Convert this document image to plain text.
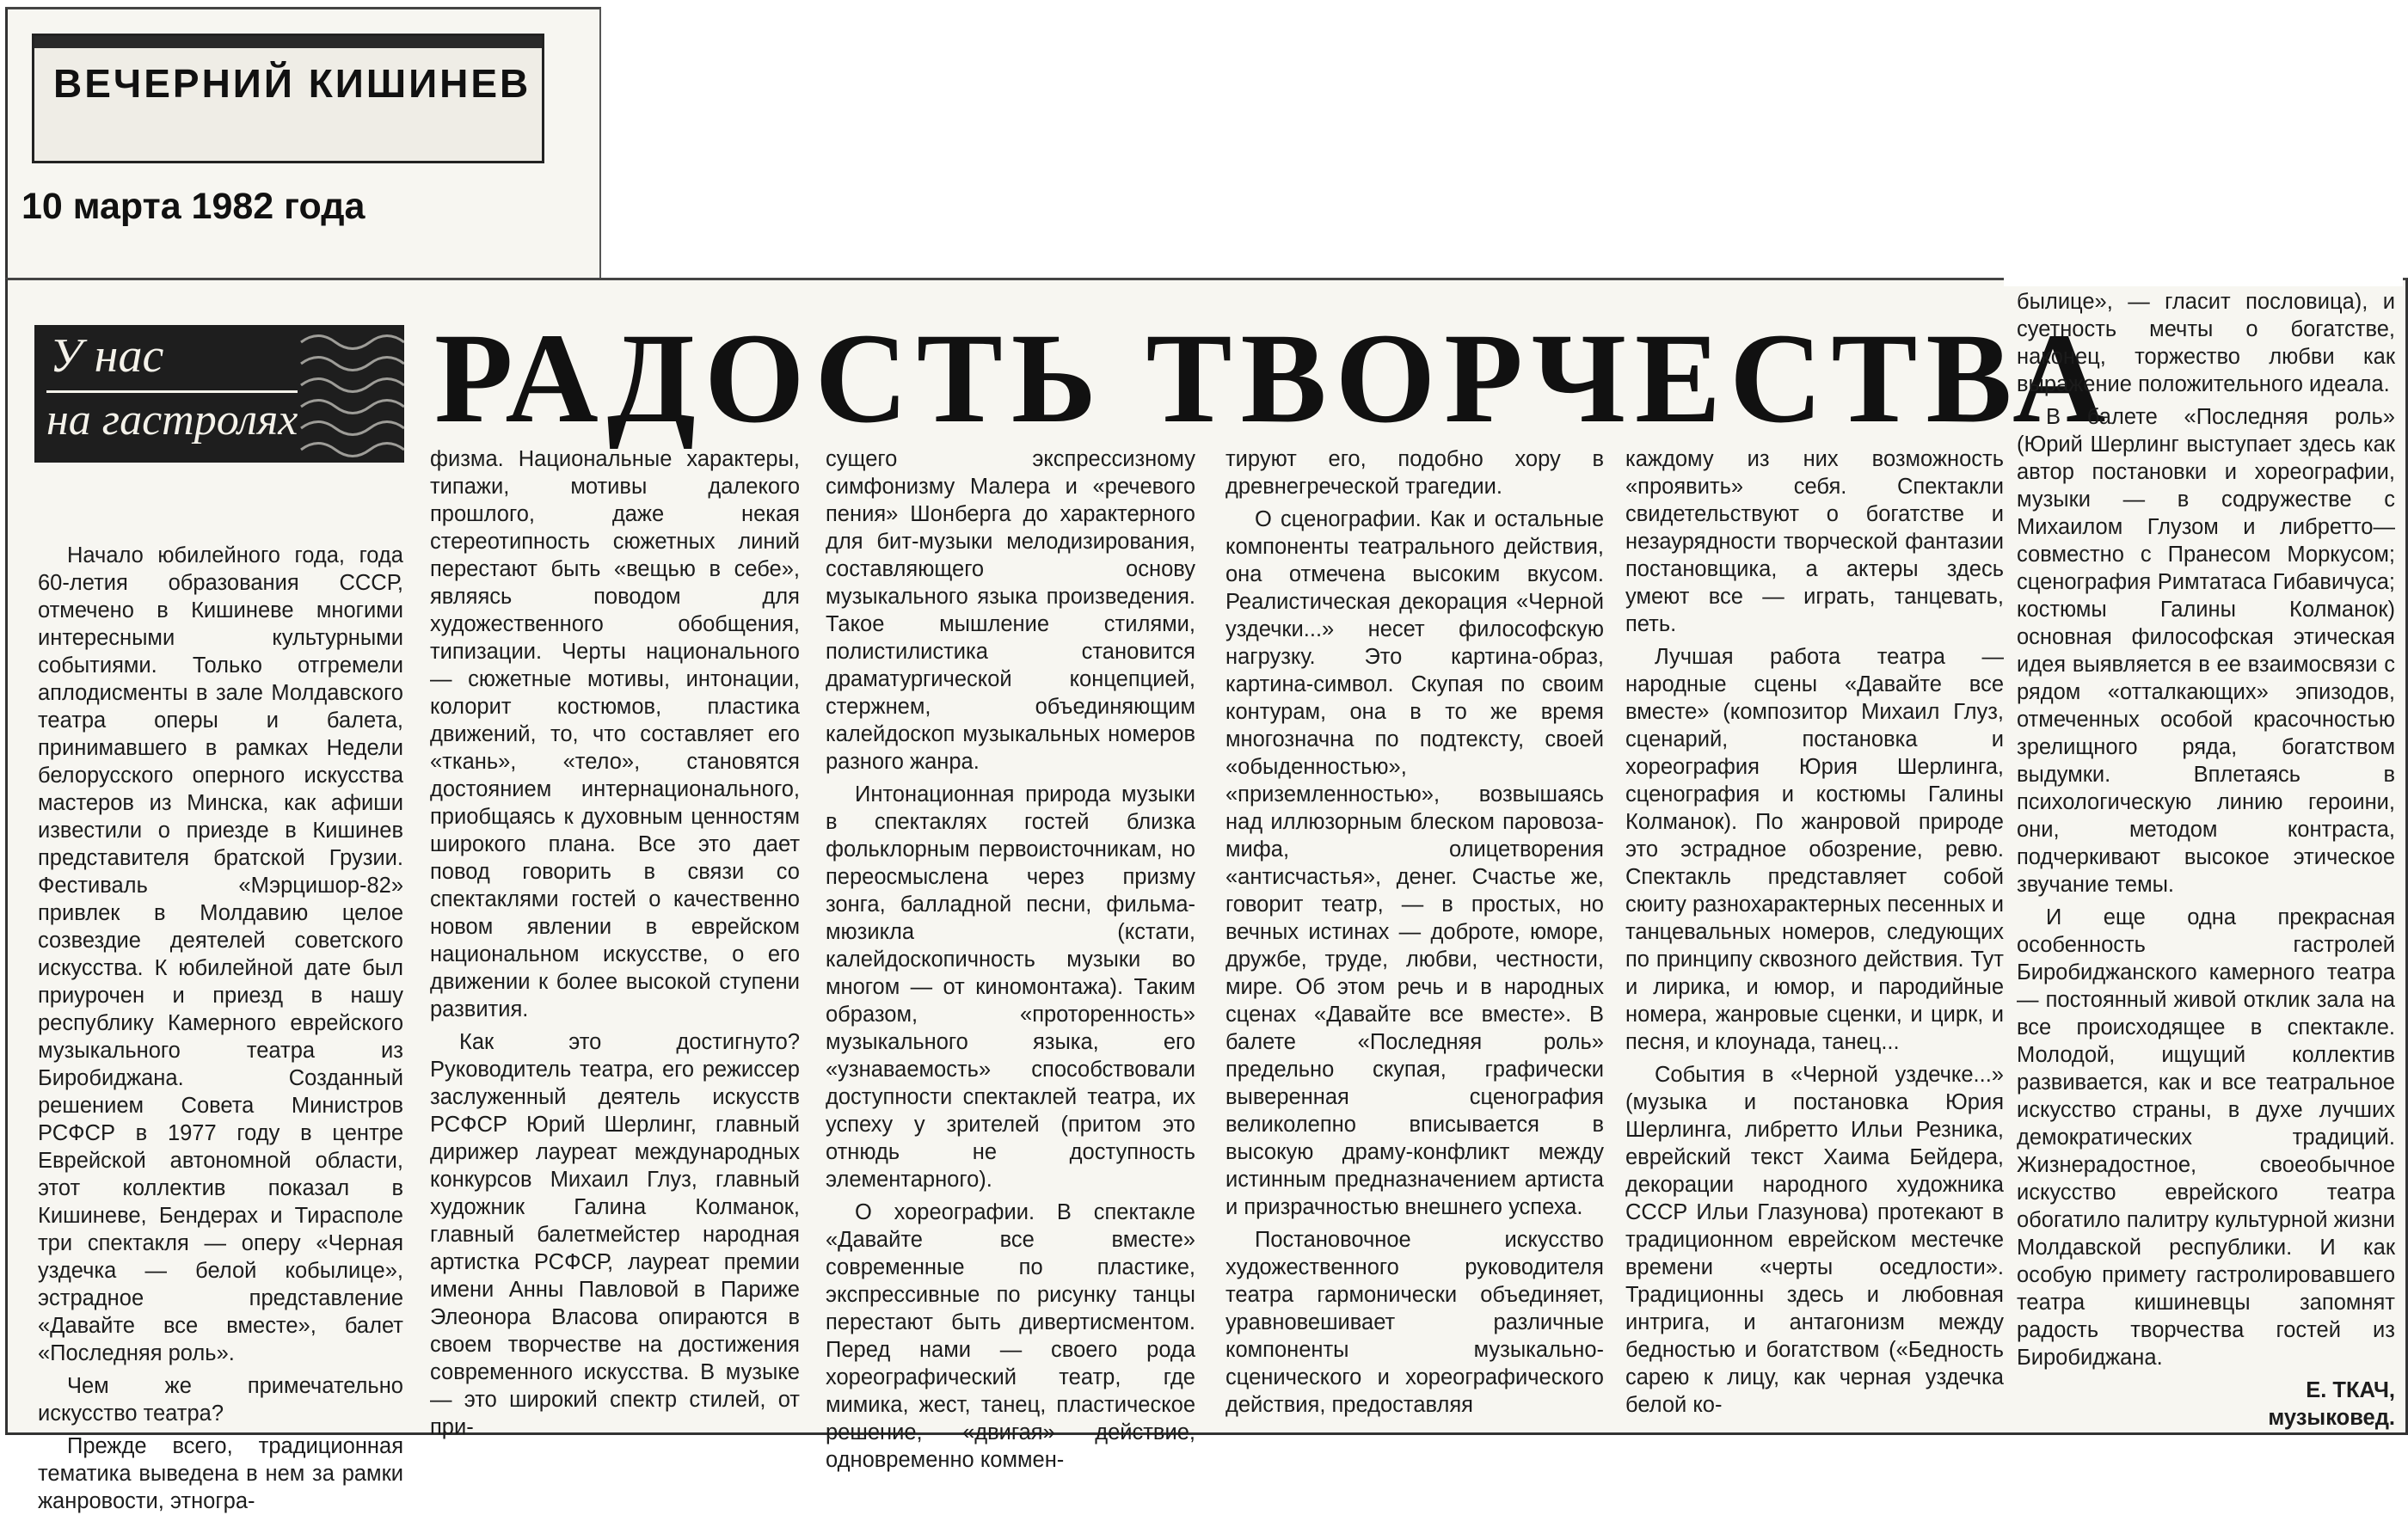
ВЕЧЕРНИЙ КИШИНЕВ
10 марта 1982 года
У нас
на гастролях РАДОСТЬ ТВОРЧЕСТВА

Начало юбилейного года, года 60-летия образования СССР, отмечено в Кишиневе многими интересными культурными событиями. Только отгремели аплодисменты в зале Молдавского театра оперы и балета, принимавшего в рамках Недели белорусского оперного искусства мастеров из Минска, как афиши известили о приезде в Кишинев представителя братской Грузии. Фестиваль «Мэрцишор-82» привлек в Молдавию целое созвездие деятелей советского искусства. К юбилейной дате был приурочен и приезд в нашу республику Камерного еврейского музыкального театра из Биробиджана. Созданный решением Совета Министров РСФСР в 1977 году в центре Еврейской автономной области, этот коллектив показал в Кишиневе, Бендерах и Тирасполе три спектакля — оперу «Черная уздечка — белой кобылице», эстрадное представление «Давайте все вместе», балет «Последняя роль».

Чем же примечательно искусство театра?

Прежде всего, традиционная тематика выведена в нем за рамки жанровости, этногра-

физма. Национальные характеры, типажи, мотивы далекого прошлого, даже некая стереотипность сюжетных линий перестают быть «вещью в себе», являясь поводом для художественного обобщения, типизации. Черты национального — сюжетные мотивы, интонации, колорит костюмов, пластика движений, то, что составляет его «ткань», «тело», становятся достоянием интернационального, приобщаясь к духовным ценностям широкого плана. Все это дает повод говорить в связи со спектаклями гостей о качественно новом явлении в еврейском национальном искусстве, о его движении к более высокой ступени развития.

Как это достигнуто? Руководитель театра, его режиссер заслуженный деятель искусств РСФСР Юрий Шерлинг, главный дирижер лауреат международных конкурсов Михаил Глуз, главный художник Галина Колманок, главный балетмейстер народная артистка РСФСР, лауреат премии имени Анны Павловой в Париже Элеонора Власова опираются в своем творчестве на достижения современного искусства. В музыке — это широкий спектр стилей, от при-

сущего экспрессизному симфонизму Малера и «речевого пения» Шонберга до характерного для бит-музыки мелодизирования, составляющего основу музыкального языка произведения. Такое мышление стилями, полистилистика становится драматургической концепцией, стержнем, объединяющим калейдоскоп музыкальных номеров разного жанра.

Интонационная природа музыки в спектаклях гостей близка фольклорным первоисточникам, но переосмыслена через призму зонга, балладной песни, фильма-мюзикла (кстати, калейдоскопичность музыки во многом — от киномонтажа). Таким образом, «проторенность» музыкального языка, его «узнаваемость» способствовали доступности спектаклей театра, их успеху у зрителей (притом это отнюдь не доступность элементарного).

О хореографии. В спектакле «Давайте все вместе» современные по пластике, экспрессивные по рисунку танцы перестают быть дивертисментом. Перед нами — своего рода хореографический театр, где мимика, жест, танец, пластическое решение, «двигая» действие, одновременно коммен-

тируют его, подобно хору в древнегреческой трагедии.

О сценографии. Как и остальные компоненты театрального действия, она отмечена высоким вкусом. Реалистическая декорация «Черной уздечки...» несет философскую нагрузку. Это картина-образ, картина-символ. Скупая по своим контурам, она в то же время многозначна по подтексту, своей «обыденностью», «приземленностью», возвышаясь над иллюзорным блеском паровоза-мифа, олицетворения «антисчастья», денег. Счастье же, говорит театр, — в простых, но вечных истинах — доброте, юморе, дружбе, труде, любви, честности, мире. Об этом речь и в народных сценах «Давайте все вместе». В балете «Последняя роль» предельно скупая, графически выверенная сценография великолепно вписывается в высокую драму-конфликт между истинным предназначением артиста и призрачностью внешнего успеха.

Постановочное искусство художественного руководителя театра гармонически объединяет, уравновешивает различные компоненты музыкально-сценического и хореографического действия, предоставляя

каждому из них возможность «проявить» себя. Спектакли свидетельствуют о богатстве и незаурядности творческой фантазии постановщика, а актеры здесь умеют все — играть, танцевать, петь.

Лучшая работа театра — народные сцены «Давайте все вместе» (композитор Михаил Глуз, сценарий, постановка и хореография Юрия Шерлинга, сценография и костюмы Галины Колманок). По жанровой природе это эстрадное обозрение, ревю. Спектакль представляет собой сюиту разнохарактерных песенных и танцевальных номеров, следующих по принципу сквозного действия. Тут и лирика, и юмор, и пародийные номера, жанровые сценки, и цирк, и песня, и клоунада, танец...

События в «Черной уздечке...» (музыка и постановка Юрия Шерлинга, либретто Ильи Резника, еврейский текст Хаима Бейдера, декорации народного художника СССР Ильи Глазунова) протекают в традиционном еврейском местечке времени «черты оседлости». Традиционны здесь и любовная интрига, и антагонизм между бедностью и богатством («Бедность сарею к лицу, как черная уздечка белой ко-

былице», — гласит пословица), и суетность мечты о богатстве, наконец, торжество любви как выражение положительного идеала.

В балете «Последняя роль» (Юрий Шерлинг выступает здесь как автор постановки и хореографии, музыки — в содружестве с Михаилом Глузом и либретто—совместно с Пранесом Моркусом; сценография Римтатаса Гибавичуса; костюмы Галины Колманок) основная философская этическая идея выявляется в ее взаимосвязи с рядом «отталкающих» эпизодов, отмеченных особой красочностью зрелищного ряда, богатством выдумки. Вплетаясь в психологическую линию героини, они, методом контраста, подчеркивают высокое этическое звучание темы.

И еще одна прекрасная особенность гастролей Биробиджанского камерного театра — постоянный живой отклик зала на все происходящее в спектакле. Молодой, ищущий коллектив развивается, как и все театральное искусство страны, в духе лучших демократических традиций. Жизнерадостное, своеобычное искусство еврейского театра обогатило палитру культурной жизни Молдавской республики. И как особую примету гастролировавшего театра кишиневцы запомнят радость творчества гостей из Биробиджана.

Е. ТКАЧ,
музыковед.
